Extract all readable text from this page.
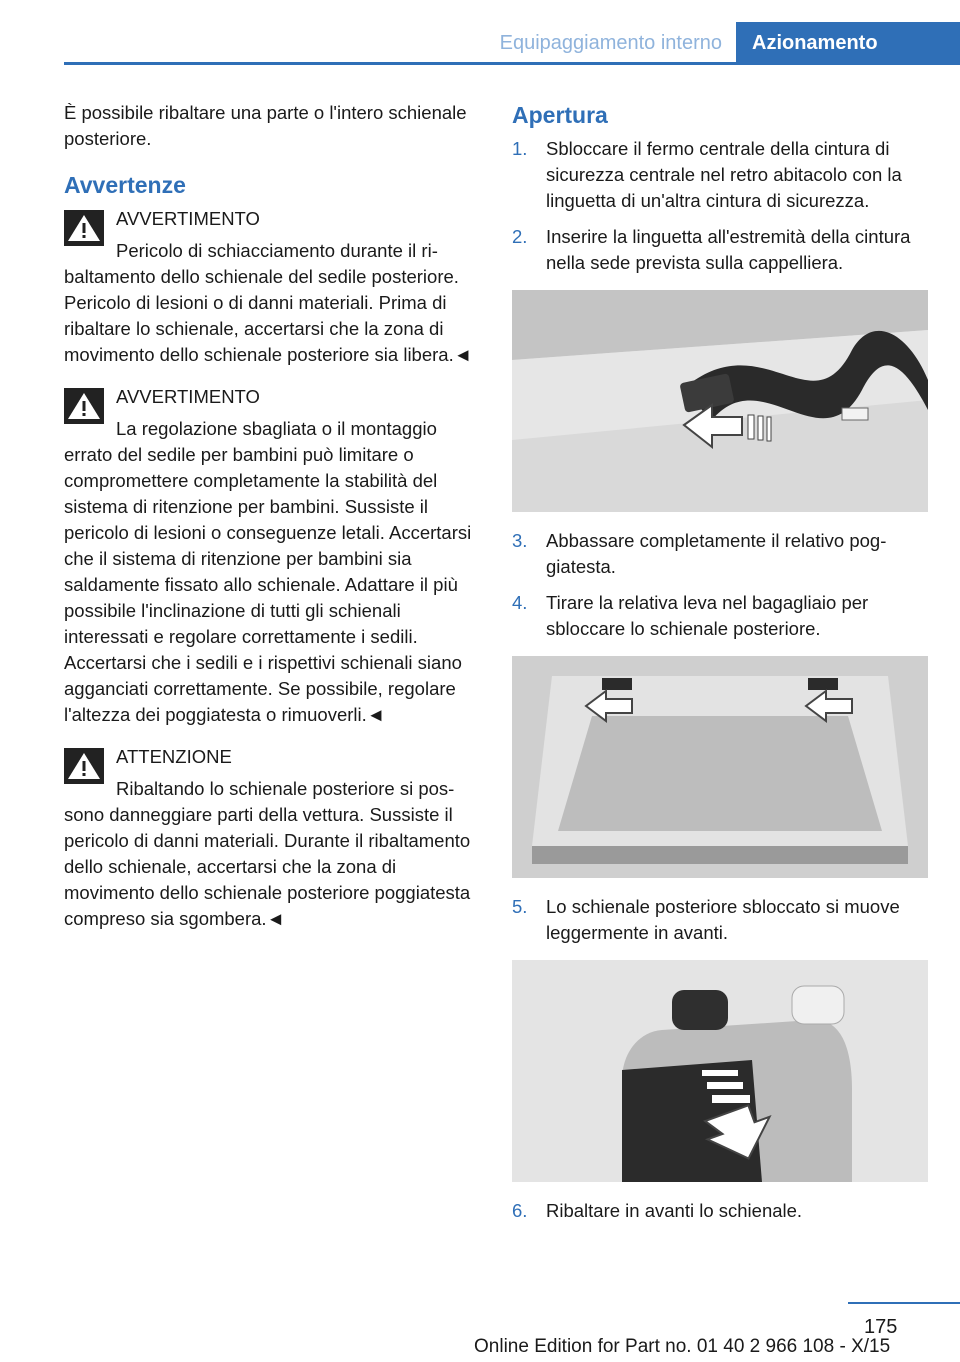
Equipaggiamento interno	Azionamento

È possibile ribaltare una parte o l'intero schienale posteriore.

Avvertenze
AVVERTIMENTO

Pericolo di schiacciamento durante il ribaltamento dello schienale del sedile posteriore. Pericolo di lesioni o di danni materiali. Prima di ribaltare lo schienale, accertarsi che la zona di movimento dello schienale posteriore sia libera.◄

AVVERTIMENTO

La regolazione sbagliata o il montaggio errato del sedile per bambini può limitare o compromettere completamente la stabilità del sistema di ritenzione per bambini. Sussiste il pericolo di lesioni o conseguenze letali. Accertarsi che il sistema di ritenzione per bambini sia saldamente fissato allo schienale. Adattare il più possibile l'inclinazione di tutti gli schienali interessati e regolare correttamente i sedili. Accertarsi che i sedili e i rispettivi schienali siano agganciati correttamente. Se possibile, regolare l'altezza dei poggiatesta o rimuoverli.◄

ATTENZIONE

Ribaltando lo schienale posteriore si possono danneggiare parti della vettura. Sussiste il pericolo di danni materiali. Durante il ribaltamento dello schienale, accertarsi che la zona di movimento dello schienale posteriore poggiatesta compreso sia sgombera.◄

Apertura
1. Sbloccare il fermo centrale della cintura di sicurezza centrale nel retro abitacolo con la linguetta di un'altra cintura di sicurezza.
2. Inserire la linguetta all'estremità della cintura nella sede prevista sulla cappelliera.
3. Abbassare completamente il relativo poggiatesta.
4. Tirare la relativa leva nel bagagliaio per sbloccare lo schienale posteriore.
5. Lo schienale posteriore sbloccato si muove leggermente in avanti.
6. Ribaltare in avanti lo schienale.
175
Online Edition for Part no. 01 40 2 966 108 - X/15
